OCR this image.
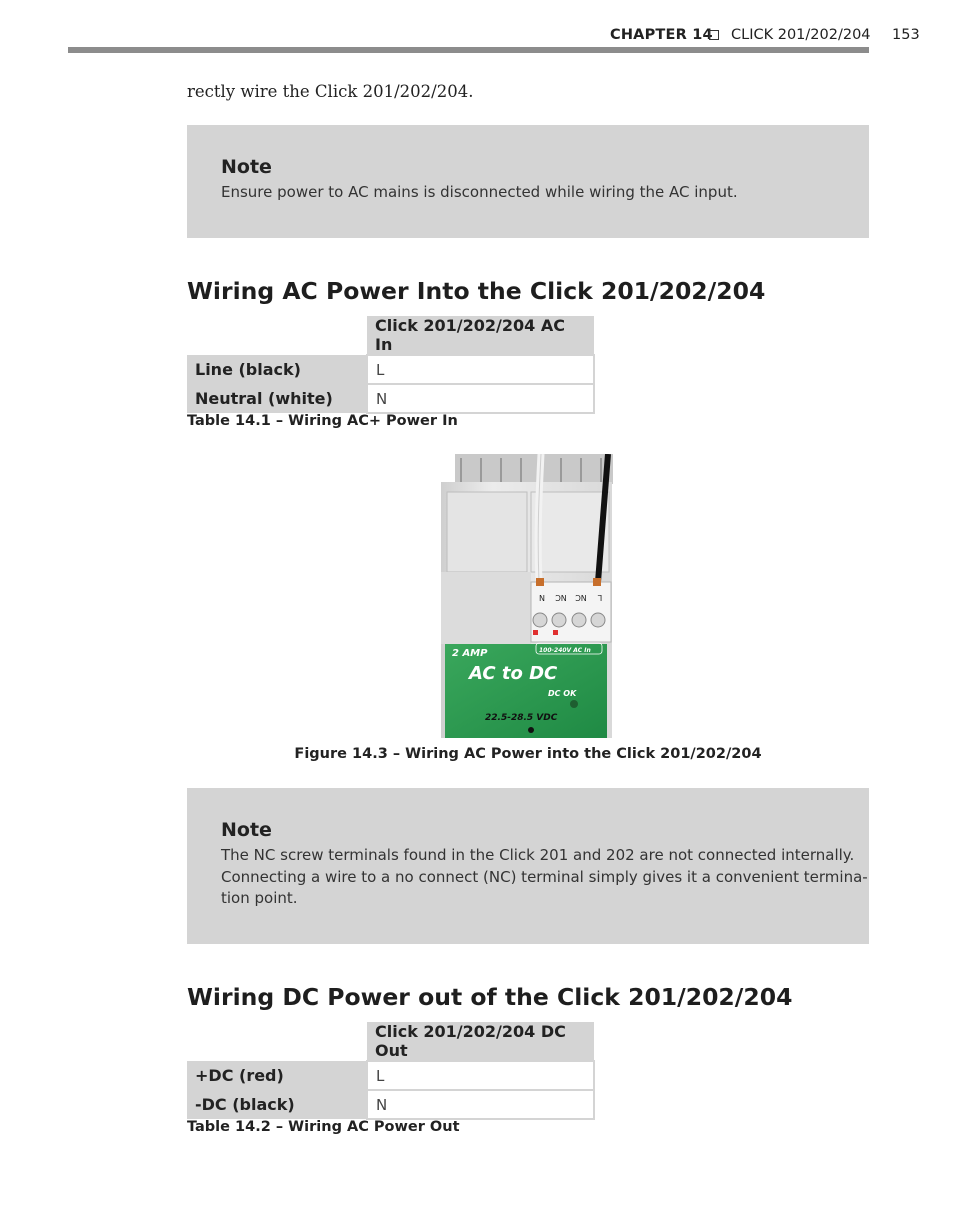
CHAPTER 14 CLICK 201/202/204 153
rectly wire the Click 201/202/204.

Note

Ensure power to AC mains is disconnected while wiring the AC input.

Wiring AC Power Into the Click 201/202/204
	Click 201/202/204 AC In
Line (black)	L
Neutral (white)	N
Table 14.1 – Wiring AC+ Power In
L
NC
NC
N
2 AMP	100-240V AC In
AC to DC
DC OK
22.5-28.5 VDC
Figure 14.3 – Wiring AC Power into the Click 201/202/204

Note

The NC screw terminals found in the Click 201 and 202 are not connected internally.
Connecting a wire to a no connect (NC) terminal simply gives it a convenient termina-
tion point.

Wiring DC Power out of the Click 201/202/204
	Click 201/202/204 DC Out
+DC (red)	L
-DC (black)	N
Table 14.2 – Wiring AC Power Out
